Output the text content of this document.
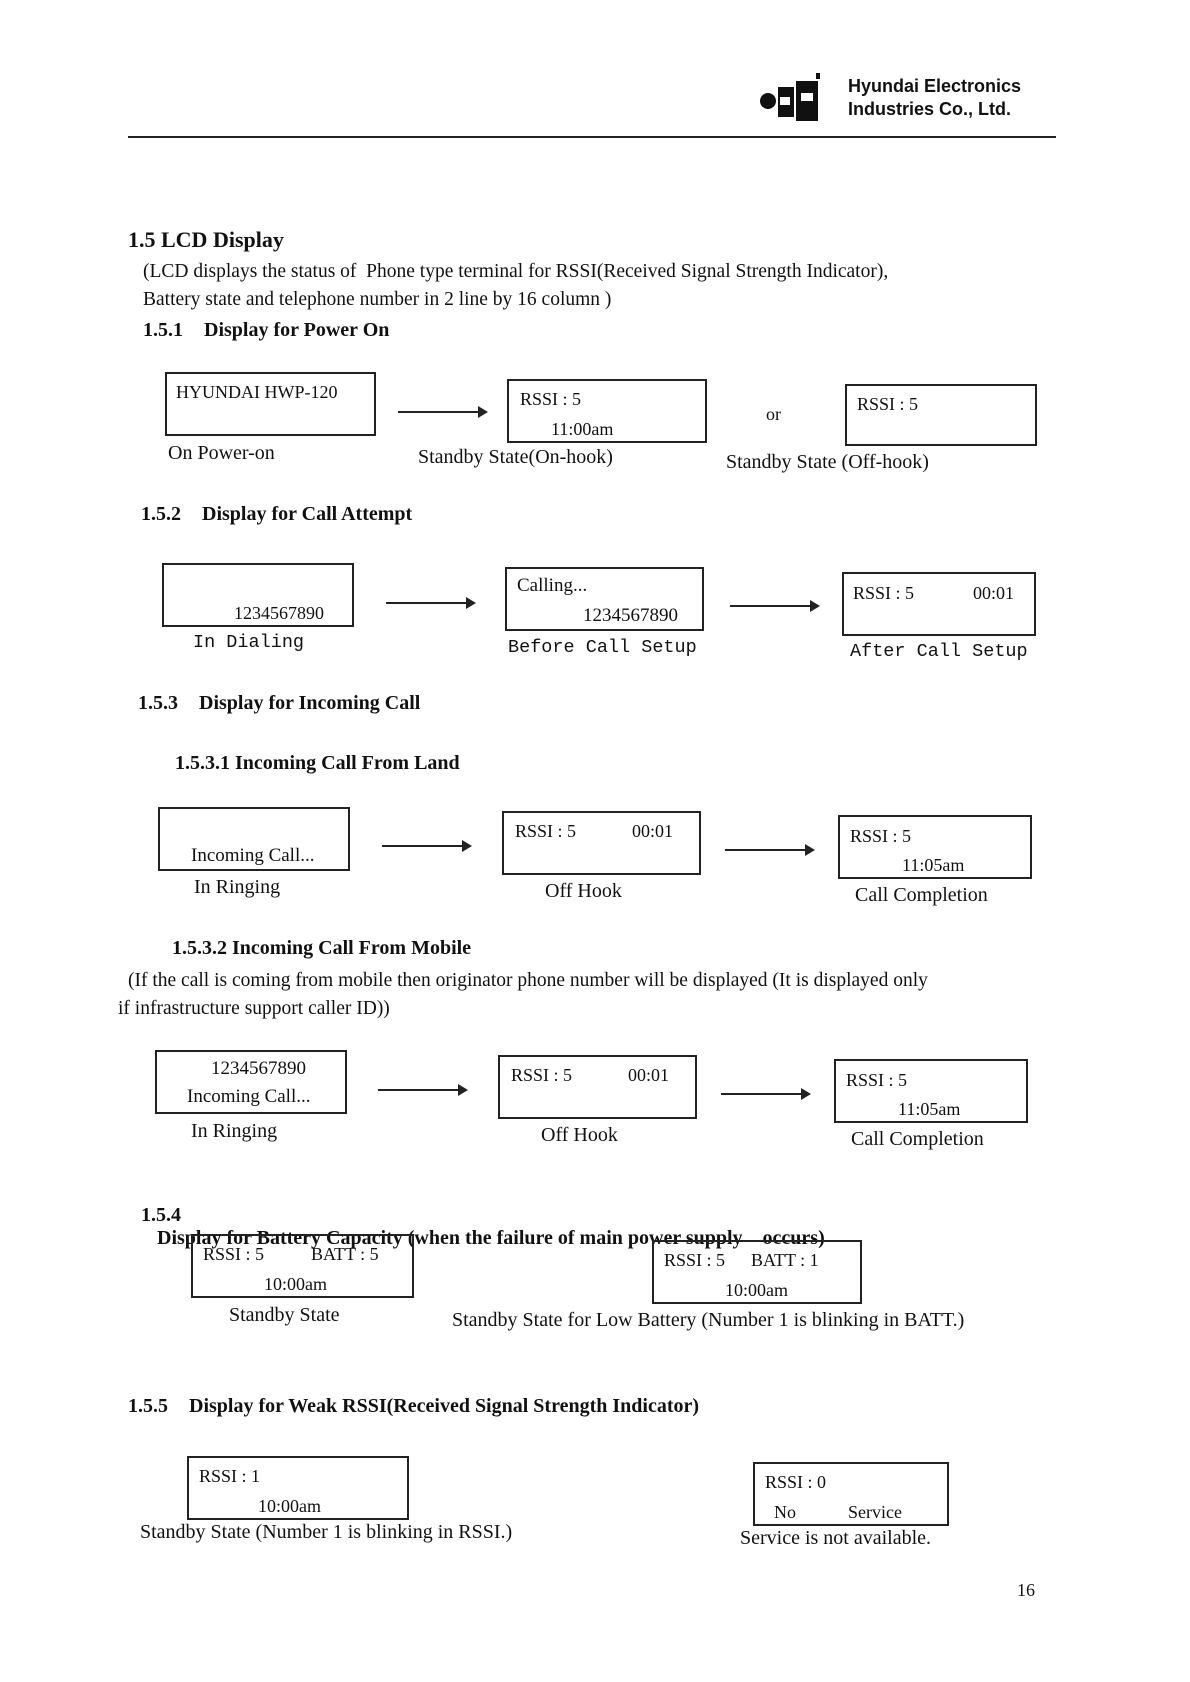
Hyundai Electronics
Industries Co., Ltd.
1.5 LCD Display
(LCD displays the status of  Phone type terminal for RSSI(Received Signal Strength Indicator),
Battery state and telephone number in 2 line by 16 column )
1.5.1 Display for Power On
HYUNDAI HWP-120	RSSI : 5
11:00am
or	RSSI : 5
On Power-on	Standby State(On-hook)	Standby State (Off-hook)
1.5.2 Display for Call Attempt
1234567890
Calling...
1234567890
RSSI : 5	00:01
In Dialing	Before Call Setup	After Call Setup
1.5.3 Display for Incoming Call
1.5.3.1 Incoming Call From Land
Incoming Call...
RSSI : 5	00:01	RSSI : 5
11:05am
In Ringing	Off Hook	Call Completion
1.5.3.2 Incoming Call From Mobile
(If the call is coming from mobile then originator phone number will be displayed (It is displayed only
if infrastructure support caller ID))
1234567890
Incoming Call...
RSSI : 5	00:01	RSSI : 5
11:05am
In Ringing	Off Hook	Call Completion

1.5.4
Display for Battery Capacity (when the failure of main power supply    occurs)

RSSI : 5	BATT : 5
10:00am
RSSI : 5 BATT : 1
10:00am
Standby State	Standby State for Low Battery (Number 1 is blinking in BATT.)
1.5.5 Display for Weak RSSI(Received Signal Strength Indicator)
RSSI : 1
10:00am
RSSI : 0
No	Service
Standby State (Number 1 is blinking in RSSI.)	Service is not available.
16
